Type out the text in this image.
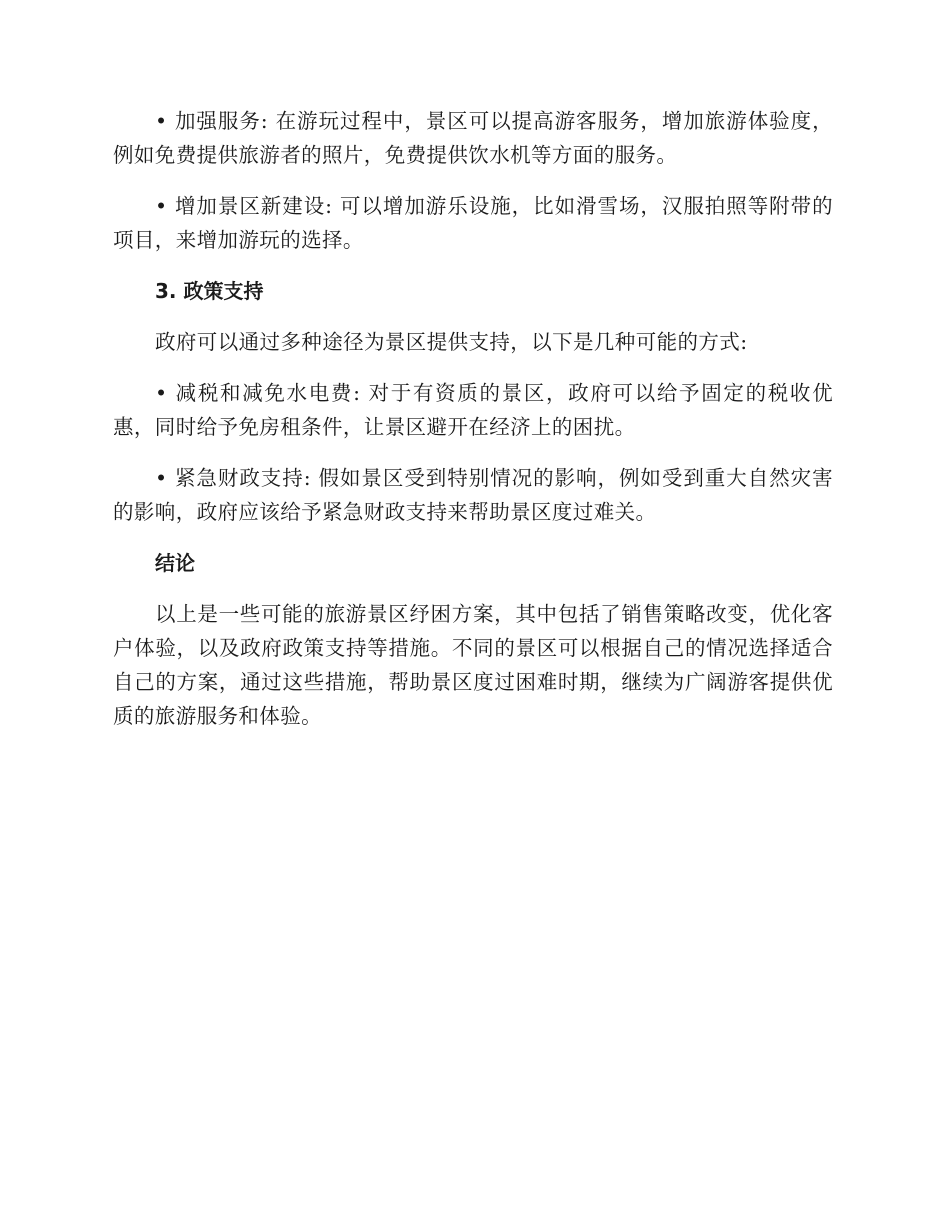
• 加强服务: 在游玩过程中，景区可以提高游客服务，增加旅游体验度，例如免费提供旅游者的照片，免费提供饮水机等方面的服务。

• 增加景区新建设: 可以增加游乐设施，比如滑雪场，汉服拍照等附带的项目，来增加游玩的选择。

3. 政策支持

政府可以通过多种途径为景区提供支持，以下是几种可能的方式:

• 减税和减免水电费: 对于有资质的景区，政府可以给予固定的税收优惠，同时给予免房租条件，让景区避开在经济上的困扰。

• 紧急财政支持: 假如景区受到特别情况的影响，例如受到重大自然灾害的影响，政府应该给予紧急财政支持来帮助景区度过难关。

结论

以上是一些可能的旅游景区纾困方案，其中包括了销售策略改变，优化客户体验，以及政府政策支持等措施。不同的景区可以根据自己的情况选择适合自己的方案，通过这些措施，帮助景区度过困难时期，继续为广阔游客提供优质的旅游服务和体验。
